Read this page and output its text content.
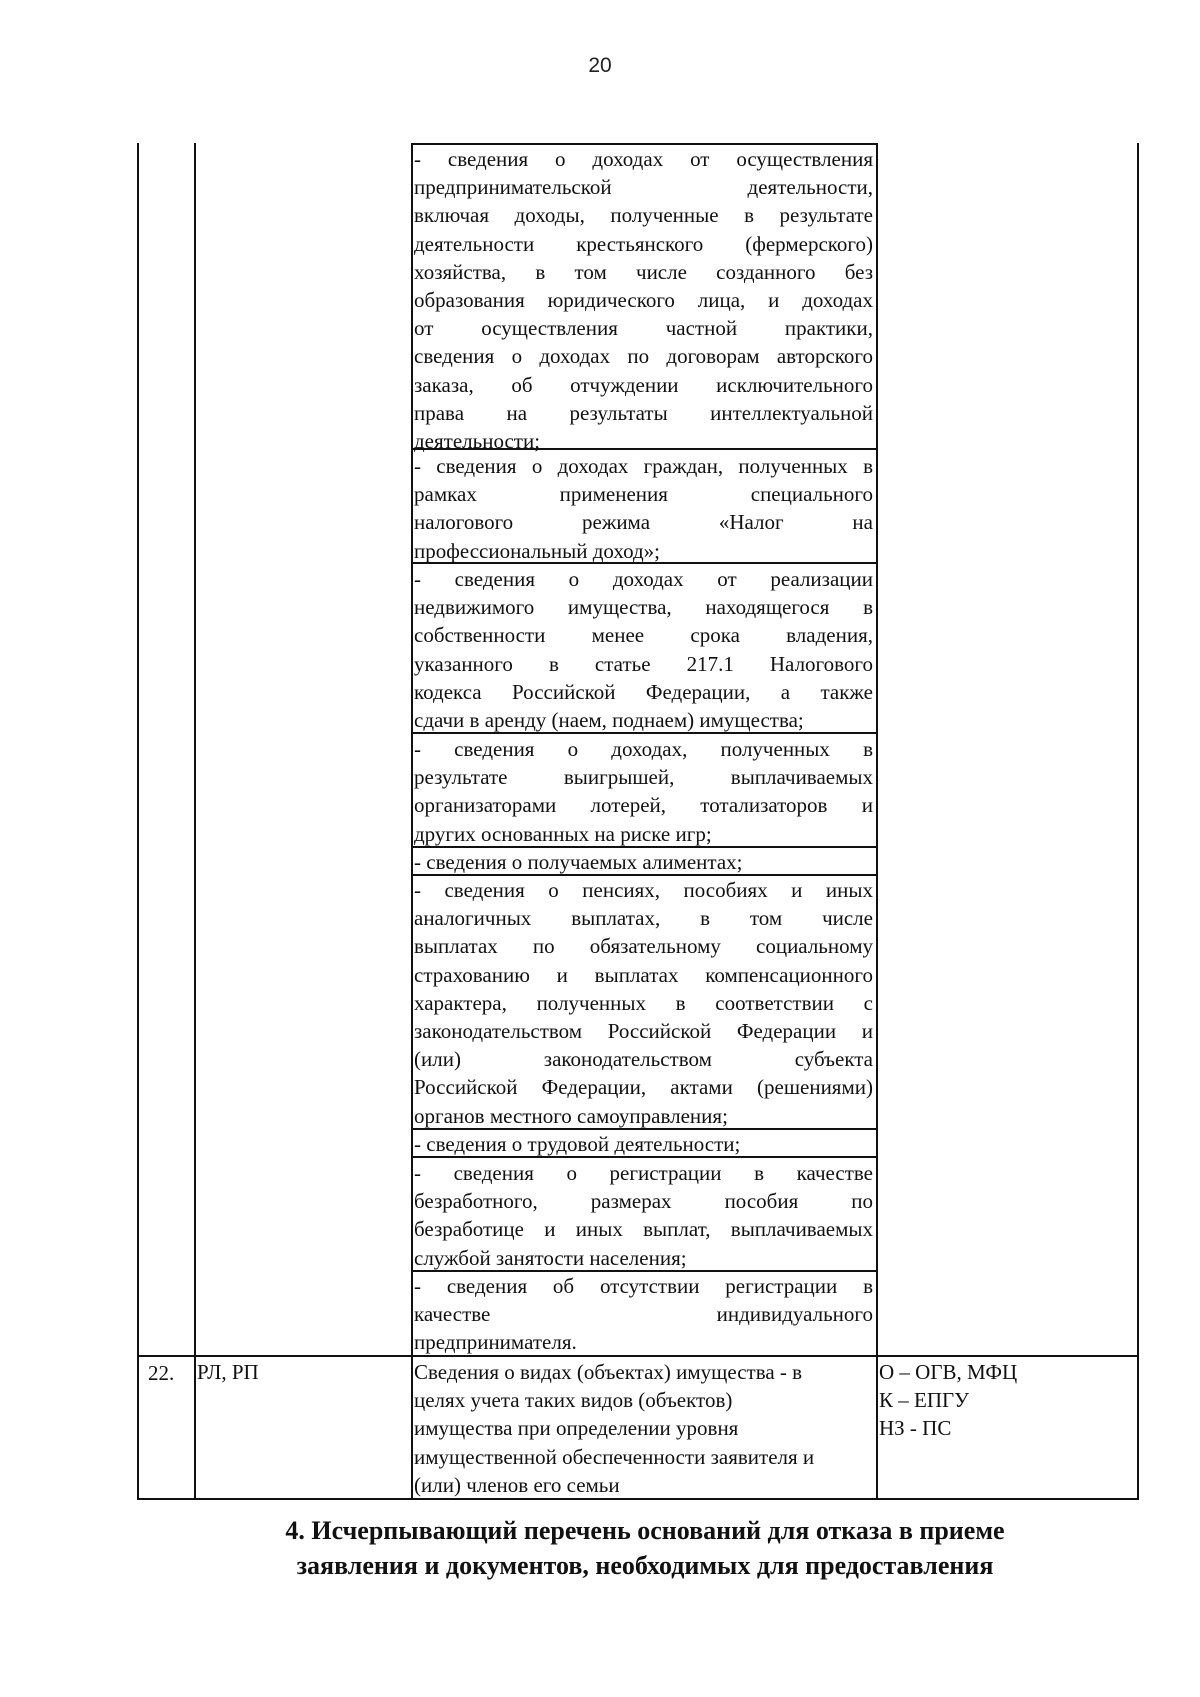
20

- сведения о доходах от осуществления

предпринимательской деятельности,

включая доходы, полученные в результате

деятельности крестьянского (фермерского)

хозяйства, в том числе созданного без

образования юридического лица, и доходах

от осуществления частной практики,

сведения о доходах по договорам авторского

заказа, об отчуждении исключительного

права на результаты интеллектуальной

деятельности;

- сведения о доходах граждан, полученных в

рамках применения специального

налогового режима «Налог на

профессиональный доход»;

- сведения о доходах от реализации

недвижимого имущества, находящегося в

собственности менее срока владения,

указанного в статье 217.1 Налогового

кодекса Российской Федерации, а также

сдачи в аренду (наем, поднаем) имущества;

- сведения о доходах, полученных в

результате выигрышей, выплачиваемых

организаторами лотерей, тотализаторов и

других основанных на риске игр;

- сведения о получаемых алиментах;

- сведения о пенсиях, пособиях и иных

аналогичных выплатах, в том числе

выплатах по обязательному социальному

страхованию и выплатах компенсационного

характера, полученных в соответствии с

законодательством Российской Федерации и

(или) законодательством субъекта

Российской Федерации, актами (решениями)

органов местного самоуправления;

- сведения о трудовой деятельности;

- сведения о регистрации в качестве

безработного, размерах пособия по

безработице и иных выплат, выплачиваемых

службой занятости населения;

- сведения об отсутствии регистрации в

качестве индивидуального

предпринимателя.

22. РЛ, РП	Сведения о видах (объектах) имущества - в
целях учета таких видов (объектов)
имущества при определении уровня
имущественной обеспеченности заявителя и
(или) членов его семьи
О – ОГВ, МФЦ
К – ЕПГУ
НЗ - ПС
4. Исчерпывающий перечень оснований для отказа в приеме
заявления и документов, необходимых для предоставления
